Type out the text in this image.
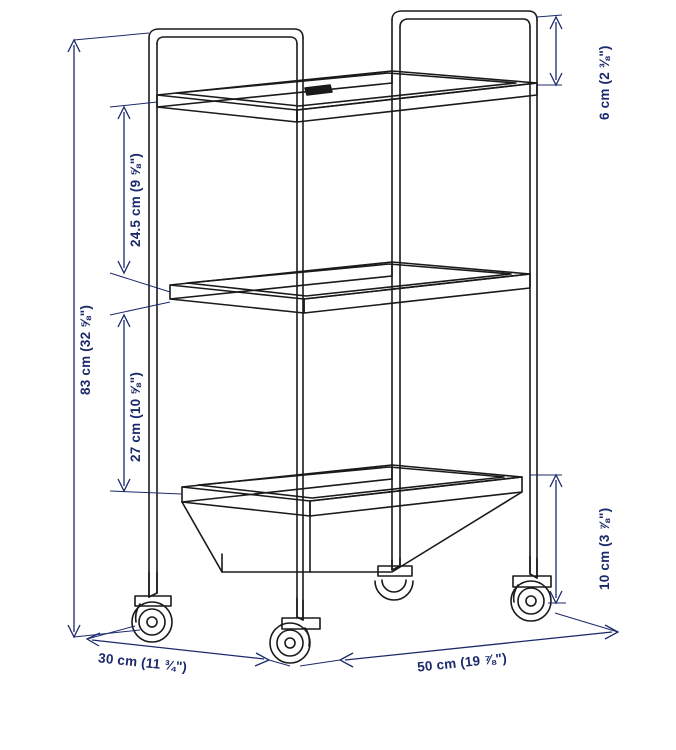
83 cm (32 ⅝")
24.5 cm (9 ⅝")
27 cm (10 ⅝")
6 cm (2 ⅜")
10 cm (3 ⅞")
30 cm (11 ¾")	50 cm (19 ⅞")
